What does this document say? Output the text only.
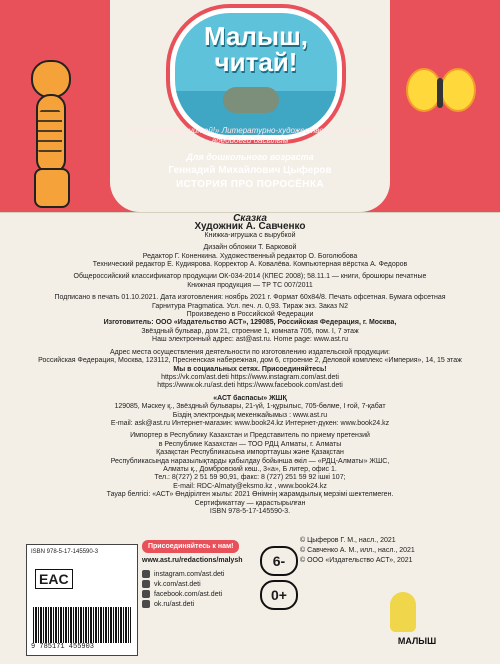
Малыш,
читай!
Серия «Малыш, читай!» Литературно-художественное издание адебидеги басылым
Для дошкольного возраста
Геннадий Михайлович Цыферов
ИСТОРИЯ ПРО ПОРОСЁНКА
Сказка
Художник А. Савченко
Книжка-игрушка с вырубкой
Дизайн обложки Т. Барковой
Редактор Г. Коненкина. Художественный редактор О. Боголюбова
Технический редактор Е. Кудиярова. Корректор А. Ковалёва. Компьютерная вёрстка А. Федоров
Общероссийский классификатор продукции ОК-034-2014 (КПЕС 2008); 58.11.1 — книги, брошюры печатные
Книжная продукция — ТР ТС 007/2011
Подписано в печать 01.10.2021. Дата изготовления: ноябрь 2021 г. Формат 60х84/8. Печать офсетная. Бумага офсетная
Гарнитура Pragmatica. Усл. печ. л. 0,93. Тираж экз. Заказ N2
Произведено в Российской Федерации
Изготовитель: ООО «Издательство АСТ», 129085, Российская Федерация, г. Москва,
Звёздный бульвар, дом 21, строение 1, комната 705, пом. I, 7 этаж
Наш электронный адрес: ast@ast.ru. Home page: www.ast.ru
Адрес места осуществления деятельности по изготовлению издательской продукции:
Российская Федерация, Москва, 123112, Пресненская набережная, дом 6, строение 2, Деловой комплекс «Империя», 14, 15 этаж
Мы в социальных сетях. Присоединяйтесь!
https://vk.com/ast.deti https://www.instagram.com/ast.deti
https://www.ok.ru/ast.deti https://www.facebook.com/ast.deti
«АСТ баспасы» ЖШҚ
129085, Мәскеу қ., Звёздный бульвары, 21-үй, 1-құрылыс, 705-бөлме, I ғой, 7-қабат
Біздің электрондық мекенжайымыз : www.ast.ru
E-mail: ask@ast.ru Интернет-магазин: www.book24.kz Интернет-дүкен: www.book24.kz
Импортер в Республику Казахстан и Представитель по приему претензий
в Республике Казахстан — ТОО РДЦ Алматы, г. Алматы
Қазақстан Республикасына импорттаушы және Қазақстан
Республикасында наразылықтарды қабылдау бойынша өкіл — «РДЦ-Алматы» ЖШС,
Алматы қ., Домбровский көш., 3«а», Б литер, офис 1.
Тел.: 8(727) 2 51 59 90,91, факс: 8 (727) 251 59 92 ішкі 107;
E-mail: RDC-Almaty@eksmo.kz , www.book24.kz
Тауар белгісі: «АСТ» Өндірілген жылы: 2021 Өнімнің жарамдылық мерзімі шектелмеген.
Сертификаттау — қарастырылған
ISBN 978-5-17-145590-3.
ISBN 978-5-17-145590-3
EAC
9 785171 455903
Присоединяйтесь к нам!
www.ast.ru/redactions/malysh
instagram.com/ast.deti
vk.com/ast.deti
facebook.com/ast.deti
ok.ru/ast.deti
6-
0+
© Цыферов Г. М., насл., 2021
© Савченко А. М., илл., насл., 2021
© ООО «Издательство АСТ», 2021
МАЛЫШ
